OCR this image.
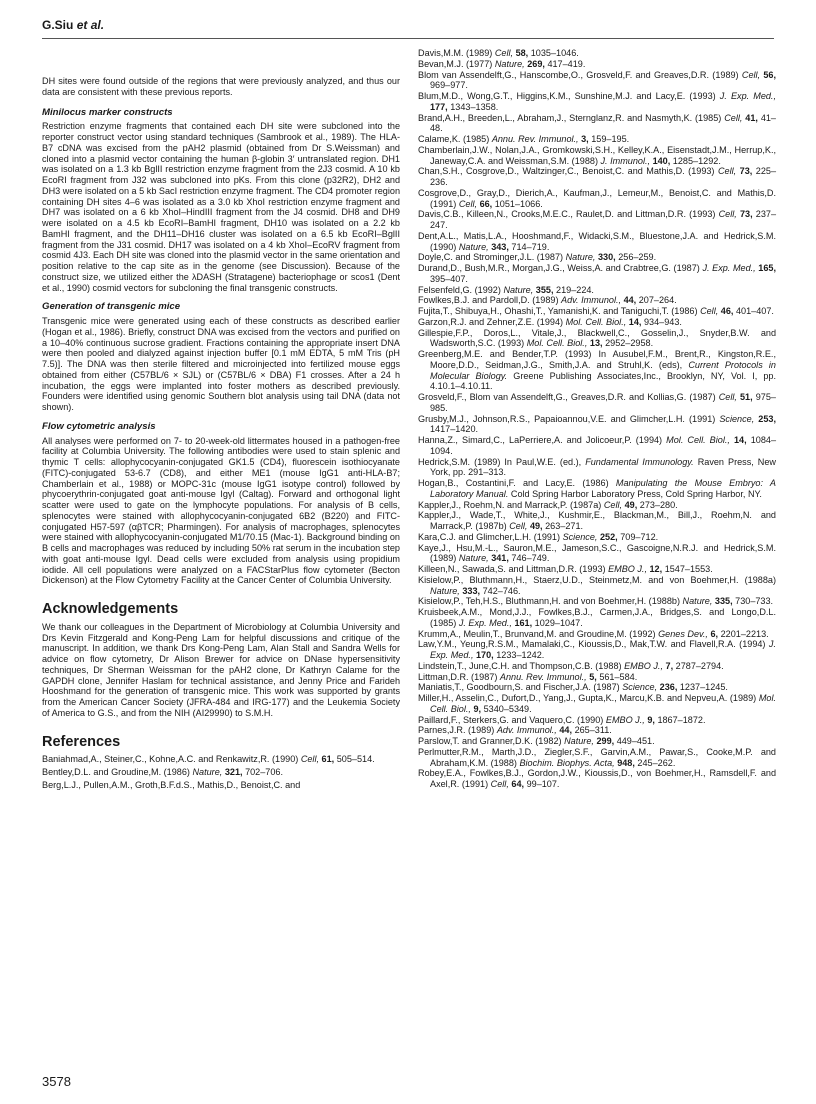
G.Siu et al.

DH sites were found outside of the regions that were previously analyzed, and thus our data are consistent with these previous reports.

Minilocus marker constructs

Restriction enzyme fragments that contained each DH site were subcloned into the reporter construct vector using standard techniques (Sambrook et al., 1989). The HLA-B7 cDNA was excised from the pAH2 plasmid (obtained from Dr S.Weissman) and cloned into a plasmid vector containing the human β-globin 3′ untranslated region. DH1 was isolated on a 1.3 kb BglII restriction enzyme fragment from the 2J3 cosmid. A 10 kb EcoRI fragment from J32 was subcloned into pKs. From this clone (p32R2), DH2 and DH3 were isolated on a 5 kb SacI restriction enzyme fragment. The CD4 promoter region containing DH sites 4–6 was isolated as a 3.0 kb XhoI restriction enzyme fragment and DH7 was isolated on a 6 kb XhoI–HindIII fragment from the J4 cosmid. DH8 and DH9 were isolated on a 4.5 kb EcoRI–BamHI fragment, DH10 was isolated on a 2.2 kb BamHI fragment, and the DH11–DH16 cluster was isolated on a 6.5 kb EcoRI–BglII fragment from the J31 cosmid. DH17 was isolated on a 4 kb XhoI–EcoRV fragment from cosmid 4J3. Each DH site was cloned into the plasmid vector in the same orientation and position relative to the cap site as in the genome (see Discussion). Because of the construct size, we utilized either the λDASH (Stratagene) bacteriophage or scos1 (Dent et al., 1990) cosmid vectors for subcloning the final transgenic constructs.

Generation of transgenic mice

Transgenic mice were generated using each of these constructs as described earlier (Hogan et al., 1986). Briefly, construct DNA was excised from the vectors and purified on a 10–40% continuous sucrose gradient. Fractions containing the appropriate insert DNA were then pooled and dialyzed against injection buffer [0.1 mM EDTA, 5 mM Tris (pH 7.5)]. The DNA was then sterile filtered and microinjected into fertilized mouse eggs obtained from either (C57BL/6 × SJL) or (C57BL/6 × DBA) F1 crosses. After a 24 h incubation, the eggs were implanted into foster mothers as described previously. Founders were identified using genomic Southern blot analysis using tail DNA (data not shown).

Flow cytometric analysis

All analyses were performed on 7- to 20-week-old littermates housed in a pathogen-free facility at Columbia University. The following antibodies were used to stain splenic and thymic T cells: allophycocyanin-conjugated GK1.5 (CD4), fluorescein isothiocyanate (FITC)-conjugated 53-6.7 (CD8), and either ME1 (mouse IgG1 anti-HLA-B7; Chamberlain et al., 1988) or MOPC-31c (mouse IgG1 isotype control) followed by phycoerythrin-conjugated goat anti-mouse Igγl (Caltag). Forward and orthogonal light scatter were used to gate on the lymphocyte populations. For analysis of B cells, splenocytes were stained with allophycocyanin-conjugated 6B2 (B220) and FITC-conjugated H57-597 (αβTCR; Pharmingen). For analysis of macrophages, splenocytes were stained with allophycocyanin-conjugated M1/70.15 (Mac-1). Background binding on B cells and macrophages was reduced by including 50% rat serum in the incubation step with goat anti-mouse Igγl. Dead cells were excluded from analysis using propidium iodide. All cell populations were analyzed on a FACStarPlus flow cytometer (Becton Dickenson) at the Flow Cytometry Facility at the Cancer Center of Columbia University.

Acknowledgements

We thank our colleagues in the Department of Microbiology at Columbia University and Drs Kevin Fitzgerald and Kong-Peng Lam for helpful discussions and critique of the manuscript. In addition, we thank Drs Kong-Peng Lam, Alan Stall and Sandra Wells for advice on flow cytometry, Dr Alison Brewer for advice on DNase hypersensitivity techniques, Dr Sherman Weissman for the pAH2 clone, Dr Kathryn Calame for the GAPDH clone, Jennifer Haslam for technical assistance, and Jenny Price and Farideh Hooshmand for the generation of transgenic mice. This work was supported by grants from the American Cancer Society (JFRA-484 and IRG-177) and the Leukemia Society of America to G.S., and from the NIH (AI29990) to S.M.H.

References

Baniahmad,A., Steiner,C., Kohne,A.C. and Renkawitz,R. (1990) Cell, 61, 505–514.

Bentley,D.L. and Groudine,M. (1986) Nature, 321, 702–706.

Berg,L.J., Pullen,A.M., Groth,B.F.d.S., Mathis,D., Benoist,C. and

Davis,M.M. (1989) Cell, 58, 1035–1046.

Bevan,M.J. (1977) Nature, 269, 417–419.

Blom van Assendelft,G., Hanscombe,O., Grosveld,F. and Greaves,D.R. (1989) Cell, 56, 969–977.

Blum,M.D., Wong,G.T., Higgins,K.M., Sunshine,M.J. and Lacy,E. (1993) J. Exp. Med., 177, 1343–1358.

Brand,A.H., Breeden,L., Abraham,J., Sternglanz,R. and Nasmyth,K. (1985) Cell, 41, 41–48.

Calame,K. (1985) Annu. Rev. Immunol., 3, 159–195.

Chamberlain,J.W., Nolan,J.A., Gromkowski,S.H., Kelley,K.A., Eisenstadt,J.M., Herrup,K., Janeway,C.A. and Weissman,S.M. (1988) J. Immunol., 140, 1285–1292.

Chan,S.H., Cosgrove,D., Waltzinger,C., Benoist,C. and Mathis,D. (1993) Cell, 73, 225–236.

Cosgrove,D., Gray,D., Dierich,A., Kaufman,J., Lemeur,M., Benoist,C. and Mathis,D. (1991) Cell, 66, 1051–1066.

Davis,C.B., Killeen,N., Crooks,M.E.C., Raulet,D. and Littman,D.R. (1993) Cell, 73, 237–247.

Dent,A.L., Matis,L.A., Hooshmand,F., Widacki,S.M., Bluestone,J.A. and Hedrick,S.M. (1990) Nature, 343, 714–719.

Doyle,C. and Strominger,J.L. (1987) Nature, 330, 256–259.

Durand,D., Bush,M.R., Morgan,J.G., Weiss,A. and Crabtree,G. (1987) J. Exp. Med., 165, 395–407.

Felsenfeld,G. (1992) Nature, 355, 219–224.

Fowlkes,B.J. and Pardoll,D. (1989) Adv. Immunol., 44, 207–264.

Fujita,T., Shibuya,H., Ohashi,T., Yamanishi,K. and Taniguchi,T. (1986) Cell, 46, 401–407.

Garzon,R.J. and Zehner,Z.E. (1994) Mol. Cell. Biol., 14, 934–943.

Gillespie,F.P., Doros,L., Vitale,J., Blackwell,C., Gosselin,J., Snyder,B.W. and Wadsworth,S.C. (1993) Mol. Cell. Biol., 13, 2952–2958.

Greenberg,M.E. and Bender,T.P. (1993) In Ausubel,F.M., Brent,R., Kingston,R.E., Moore,D.D., Seidman,J.G., Smith,J.A. and Struhl,K. (eds), Current Protocols in Molecular Biology. Greene Publishing Associates,Inc., Brooklyn, NY, Vol. I, pp. 4.10.1–4.10.11.

Grosveld,F., Blom van Assendelft,G., Greaves,D.R. and Kollias,G. (1987) Cell, 51, 975–985.

Grusby,M.J., Johnson,R.S., Papaioannou,V.E. and Glimcher,L.H. (1991) Science, 253, 1417–1420.

Hanna,Z., Simard,C., LaPerriere,A. and Jolicoeur,P. (1994) Mol. Cell. Biol., 14, 1084–1094.

Hedrick,S.M. (1989) In Paul,W.E. (ed.), Fundamental Immunology. Raven Press, New York, pp. 291–313.

Hogan,B., Costantini,F. and Lacy,E. (1986) Manipulating the Mouse Embryo: A Laboratory Manual. Cold Spring Harbor Laboratory Press, Cold Spring Harbor, NY.

Kappler,J., Roehm,N. and Marrack,P. (1987a) Cell, 49, 273–280.

Kappler,J., Wade,T., White,J., Kushmir,E., Blackman,M., Bill,J., Roehm,N. and Marrack,P. (1987b) Cell, 49, 263–271.

Kara,C.J. and Glimcher,L.H. (1991) Science, 252, 709–712.

Kaye,J., Hsu,M.-L., Sauron,M.E., Jameson,S.C., Gascoigne,N.R.J. and Hedrick,S.M. (1989) Nature, 341, 746–749.

Killeen,N., Sawada,S. and Littman,D.R. (1993) EMBO J., 12, 1547–1553.

Kisielow,P., Bluthmann,H., Staerz,U.D., Steinmetz,M. and von Boehmer,H. (1988a) Nature, 333, 742–746.

Kisielow,P., Teh,H.S., Bluthmann,H. and von Boehmer,H. (1988b) Nature, 335, 730–733.

Kruisbeek,A.M., Mond,J.J., Fowlkes,B.J., Carmen,J.A., Bridges,S. and Longo,D.L. (1985) J. Exp. Med., 161, 1029–1047.

Krumm,A., Meulin,T., Brunvand,M. and Groudine,M. (1992) Genes Dev., 6, 2201–2213.

Law,Y.M., Yeung,R.S.M., Mamalaki,C., Kioussis,D., Mak,T.W. and Flavell,R.A. (1994) J. Exp. Med., 170, 1233–1242.

Lindstein,T., June,C.H. and Thompson,C.B. (1988) EMBO J., 7, 2787–2794.

Littman,D.R. (1987) Annu. Rev. Immunol., 5, 561–584.

Maniatis,T., Goodbourn,S. and Fischer,J.A. (1987) Science, 236, 1237–1245.

Miller,H., Asselin,C., Dufort,D., Yang,J., Gupta,K., Marcu,K.B. and Nepveu,A. (1989) Mol. Cell. Biol., 9, 5340–5349.

Paillard,F., Sterkers,G. and Vaquero,C. (1990) EMBO J., 9, 1867–1872.

Parnes,J.R. (1989) Adv. Immunol., 44, 265–311.

Parslow,T. and Granner,D.K. (1982) Nature, 299, 449–451.

Perlmutter,R.M., Marth,J.D., Ziegler,S.F., Garvin,A.M., Pawar,S., Cooke,M.P. and Abraham,K.M. (1988) Biochim. Biophys. Acta, 948, 245–262.

Robey,E.A., Fowlkes,B.J., Gordon,J.W., Kioussis,D., von Boehmer,H., Ramsdell,F. and Axel,R. (1991) Cell, 64, 99–107.

3578
